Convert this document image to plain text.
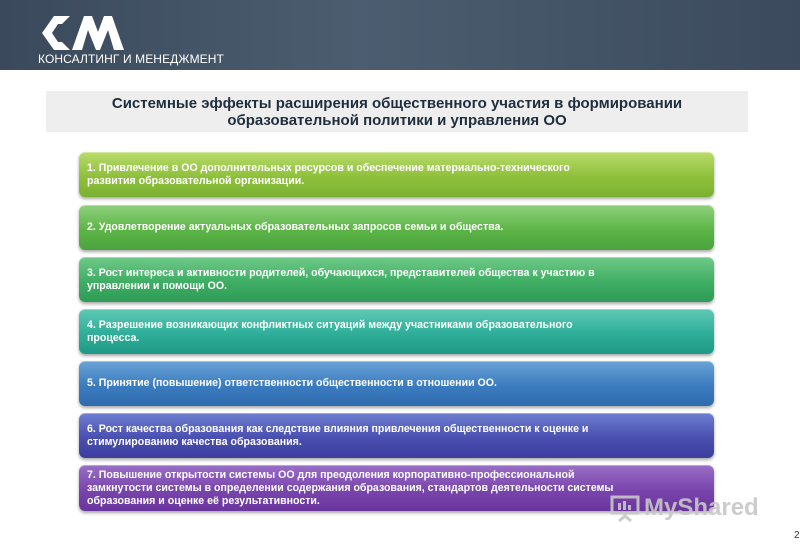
КОНСАЛТИНГ И МЕНЕДЖМЕНТ
Системные эффекты расширения общественного участия в формировании
образовательной политики и управления ОО
1. Привлечение в ОО дополнительных ресурсов и обеспечение материально-технического
развития образовательной организации.
2. Удовлетворение актуальных образовательных запросов семьи и общества.
3. Рост интереса и активности родителей, обучающихся, представителей общества к участию в
управлении и помощи ОО.
4. Разрешение возникающих конфликтных ситуаций между участниками образовательного
процесса.
5. Принятие (повышение) ответственности общественности в отношении ОО.
6. Рост качества образования как следствие влияния привлечения общественности к оценке и
стимулированию качества образования.
7. Повышение открытости системы ОО для преодоления корпоративно-профессиональной
замкнутости системы в определении содержания образования, стандартов деятельности системы
образования и оценке её результативности.	MyShared
2
